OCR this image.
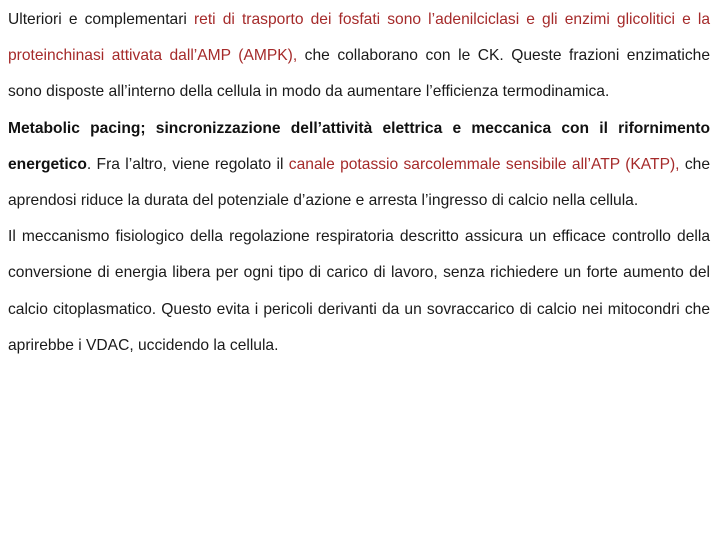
Ulteriori e complementari reti di trasporto dei fosfati sono l’adenilciclasi e gli enzimi glicolitici e la proteinchinasi attivata dall’AMP (AMPK), che collaborano con le CK. Queste frazioni enzimatiche sono disposte all’interno della cellula in modo da aumentare l’efficienza termodinamica.

Metabolic pacing; sincronizzazione dell’attività elettrica e meccanica con il rifornimento energetico. Fra l’altro, viene regolato il canale potassio sarcolemmale sensibile all’ATP (KATP), che aprendosi riduce la durata del potenziale d’azione e arresta l’ingresso di calcio nella cellula.

Il meccanismo fisiologico della regolazione respiratoria descritto assicura un efficace controllo della conversione di energia libera per ogni tipo di carico di lavoro, senza richiedere un forte aumento del calcio citoplasmatico. Questo evita i pericoli derivanti da un sovraccarico di calcio nei mitocondri che aprirebbe i VDAC, uccidendo la cellula.
